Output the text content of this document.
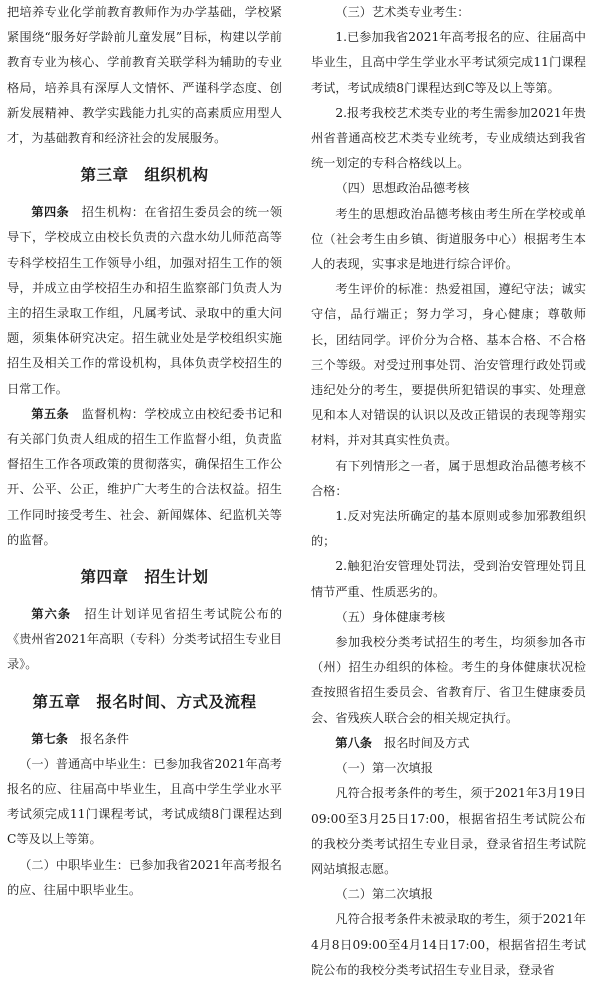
把培养专业化学前教育教师作为办学基础，学校紧紧围绕“服务好学龄前儿童发展”目标，构建以学前教育专业为核心、学前教育关联学科为辅助的专业格局，培养具有深厚人文情怀、严谨科学态度、创新发展精神、教学实践能力扎实的高素质应用型人才，为基础教育和经济社会的发展服务。

第三章　组织机构

第四条　招生机构：在省招生委员会的统一领导下，学校成立由校长负责的六盘水幼儿师范高等专科学校招生工作领导小组，加强对招生工作的领导，并成立由学校招生办和招生监察部门负责人为主的招生录取工作组，凡属考试、录取中的重大问题，须集体研究决定。招生就业处是学校组织实施招生及相关工作的常设机构，具体负责学校招生的日常工作。

第五条　监督机构：学校成立由校纪委书记和有关部门负责人组成的招生工作监督小组，负责监督招生工作各项政策的贯彻落实，确保招生工作公开、公平、公正，维护广大考生的合法权益。招生工作同时接受考生、社会、新闻媒体、纪监机关等的监督。

第四章　招生计划

第六条　招生计划详见省招生考试院公布的《贵州省2021年高职（专科）分类考试招生专业目录》。

第五章　报名时间、方式及流程

第七条　报名条件

（一）普通高中毕业生：已参加我省2021年高考报名的应、往届高中毕业生，且高中学生学业水平考试须完成11门课程考试，考试成绩8门课程达到C等及以上等第。

（二）中职毕业生：已参加我省2021年高考报名的应、往届中职毕业生。

（三）艺术类专业考生：

1.已参加我省2021年高考报名的应、往届高中毕业生，且高中学生学业水平考试须完成11门课程考试，考试成绩8门课程达到C等及以上等第。

2.报考我校艺术类专业的考生需参加2021年贵州省普通高校艺术类专业统考，专业成绩达到我省统一划定的专科合格线以上。

（四）思想政治品德考核

考生的思想政治品德考核由考生所在学校或单位（社会考生由乡镇、街道服务中心）根据考生本人的表现，实事求是地进行综合评价。

考生评价的标准：热爱祖国，遵纪守法；诚实守信，品行端正；努力学习，身心健康；尊敬师长，团结同学。评价分为合格、基本合格、不合格三个等级。对受过刑事处罚、治安管理行政处罚或违纪处分的考生，要提供所犯错误的事实、处理意见和本人对错误的认识以及改正错误的表现等翔实材料，并对其真实性负责。

有下列情形之一者，属于思想政治品德考核不合格：

1.反对宪法所确定的基本原则或参加邪教组织的；

2.触犯治安管理处罚法，受到治安管理处罚且情节严重、性质恶劣的。

（五）身体健康考核

参加我校分类考试招生的考生，均须参加各市（州）招生办组织的体检。考生的身体健康状况检查按照省招生委员会、省教育厅、省卫生健康委员会、省残疾人联合会的相关规定执行。

第八条　报名时间及方式

（一）第一次填报

凡符合报考条件的考生，须于2021年3月19日09:00至3月25日17:00，根据省招生考试院公布的我校分类考试招生专业目录，登录省招生考试院网站填报志愿。

（二）第二次填报

凡符合报考条件未被录取的考生，须于2021年4月8日09:00至4月14日17:00，根据省招生考试院公布的我校分类考试招生专业目录，登录省
